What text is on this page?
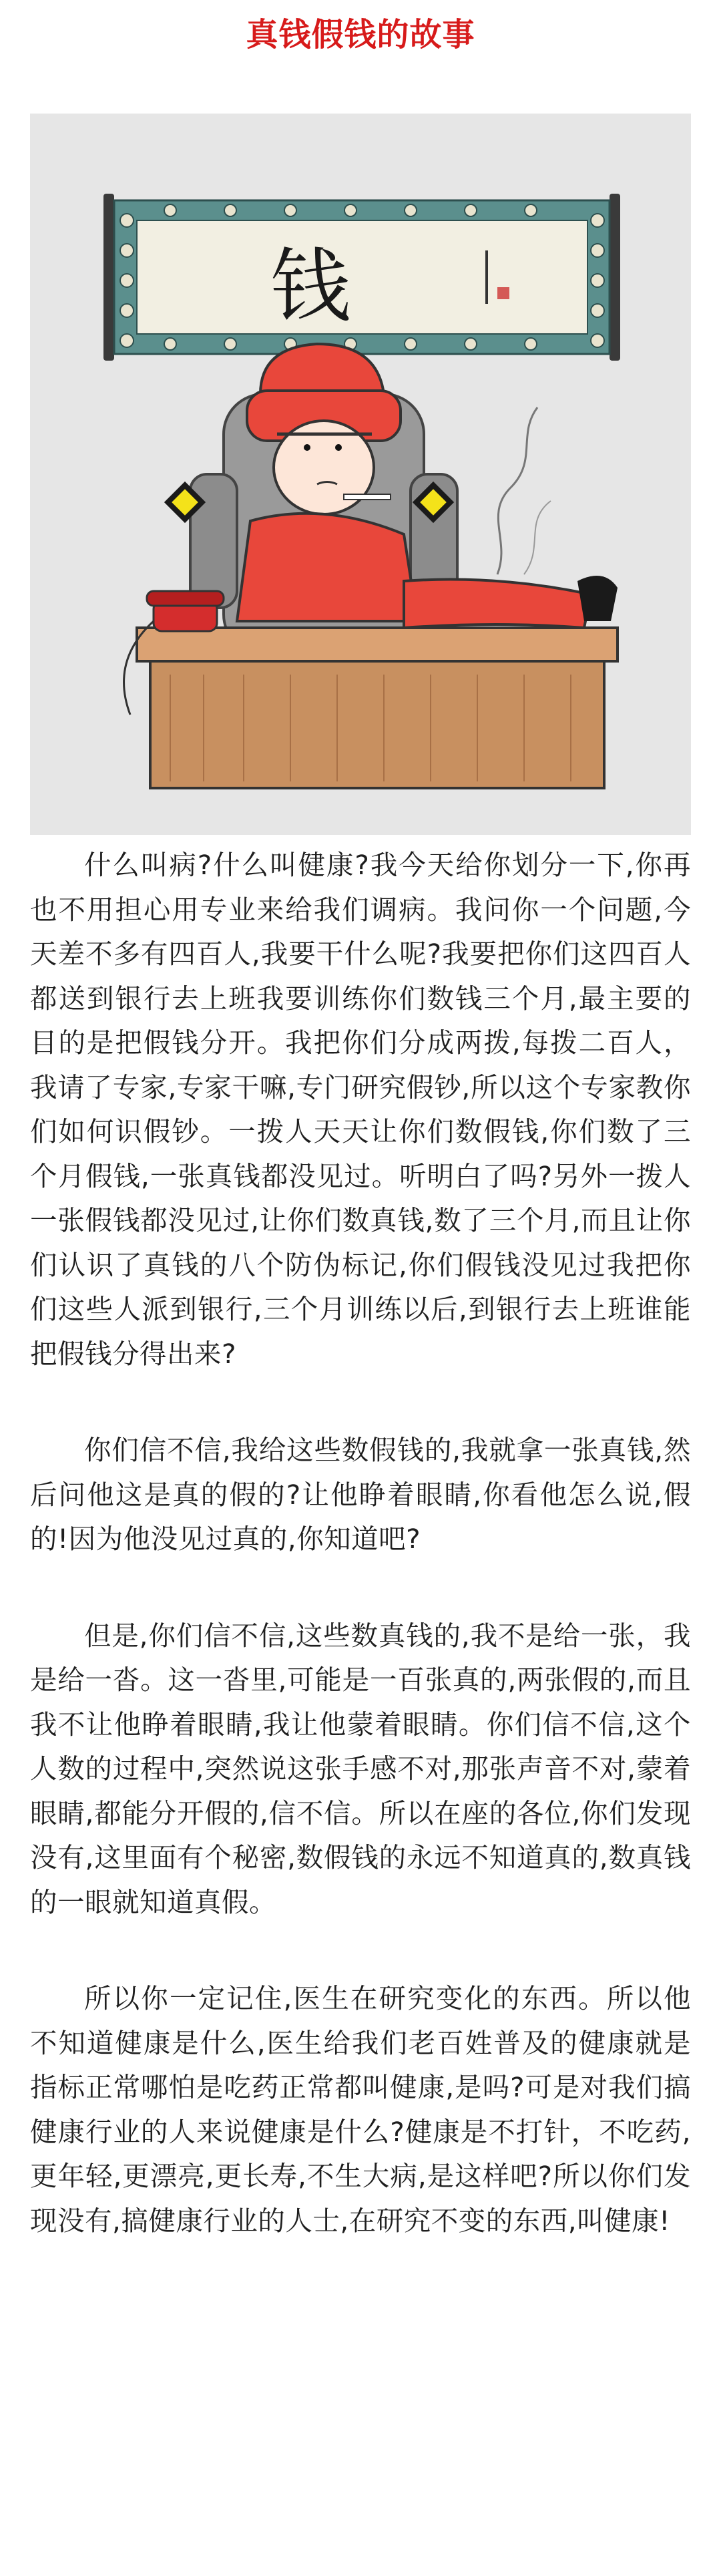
真钱假钱的故事
钱

什么叫病?什么叫健康?我今天给你划分一下,你再也不用担心用专业来给我们调病。我问你一个问题,今天差不多有四百人,我要干什么呢?我要把你们这四百人都送到银行去上班我要训练你们数钱三个月,最主要的目的是把假钱分开。我把你们分成两拨,每拨二百人，我请了专家,专家干嘛,专门研究假钞,所以这个专家教你们如何识假钞。一拨人天天让你们数假钱,你们数了三个月假钱,一张真钱都没见过。听明白了吗?另外一拨人一张假钱都没见过,让你们数真钱,数了三个月,而且让你们认识了真钱的八个防伪标记,你们假钱没见过我把你们这些人派到银行,三个月训练以后,到银行去上班谁能把假钱分得出来?

你们信不信,我给这些数假钱的,我就拿一张真钱,然后问他这是真的假的?让他睁着眼睛,你看他怎么说,假的!因为他没见过真的,你知道吧?

但是,你们信不信,这些数真钱的,我不是给一张，我是给一沓。这一沓里,可能是一百张真的,两张假的,而且我不让他睁着眼睛,我让他蒙着眼睛。你们信不信,这个人数的过程中,突然说这张手感不对,那张声音不对,蒙着眼睛,都能分开假的,信不信。所以在座的各位,你们发现没有,这里面有个秘密,数假钱的永远不知道真的,数真钱的一眼就知道真假。

所以你一定记住,医生在研究变化的东西。所以他不知道健康是什么,医生给我们老百姓普及的健康就是指标正常哪怕是吃药正常都叫健康,是吗?可是对我们搞健康行业的人来说健康是什么?健康是不打针，不吃药,更年轻,更漂亮,更长寿,不生大病,是这样吧?所以你们发现没有,搞健康行业的人士,在研究不变的东西,叫健康!
